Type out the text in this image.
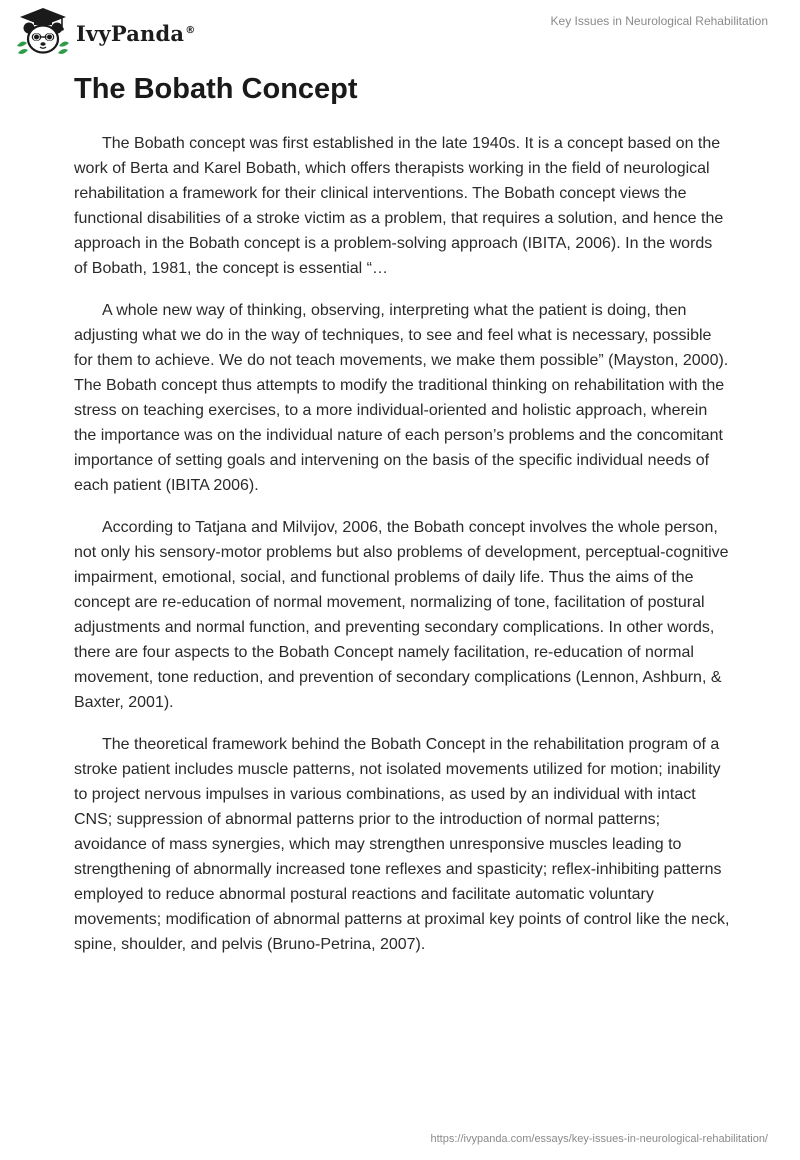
IvyPanda®
Key Issues in Neurological Rehabilitation
The Bobath Concept

The Bobath concept was first established in the late 1940s. It is a concept based on the work of Berta and Karel Bobath, which offers therapists working in the field of neurological rehabilitation a framework for their clinical interventions. The Bobath concept views the functional disabilities of a stroke victim as a problem, that requires a solution, and hence the approach in the Bobath concept is a problem-solving approach (IBITA, 2006). In the words of Bobath, 1981, the concept is essential “…

A whole new way of thinking, observing, interpreting what the patient is doing, then adjusting what we do in the way of techniques, to see and feel what is necessary, possible for them to achieve. We do not teach movements, we make them possible” (Mayston, 2000). The Bobath concept thus attempts to modify the traditional thinking on rehabilitation with the stress on teaching exercises, to a more individual-oriented and holistic approach, wherein the importance was on the individual nature of each person’s problems and the concomitant importance of setting goals and intervening on the basis of the specific individual needs of each patient (IBITA 2006).

According to Tatjana and Milvijov, 2006, the Bobath concept involves the whole person, not only his sensory-motor problems but also problems of development, perceptual-cognitive impairment, emotional, social, and functional problems of daily life. Thus the aims of the concept are re-education of normal movement, normalizing of tone, facilitation of postural adjustments and normal function, and preventing secondary complications. In other words, there are four aspects to the Bobath Concept namely facilitation, re-education of normal movement, tone reduction, and prevention of secondary complications (Lennon, Ashburn, & Baxter, 2001).

The theoretical framework behind the Bobath Concept in the rehabilitation program of a stroke patient includes muscle patterns, not isolated movements utilized for motion; inability to project nervous impulses in various combinations, as used by an individual with intact CNS; suppression of abnormal patterns prior to the introduction of normal patterns; avoidance of mass synergies, which may strengthen unresponsive muscles leading to strengthening of abnormally increased tone reflexes and spasticity; reflex-inhibiting patterns employed to reduce abnormal postural reactions and facilitate automatic voluntary movements; modification of abnormal patterns at proximal key points of control like the neck, spine, shoulder, and pelvis (Bruno-Petrina, 2007).

https://ivypanda.com/essays/key-issues-in-neurological-rehabilitation/
